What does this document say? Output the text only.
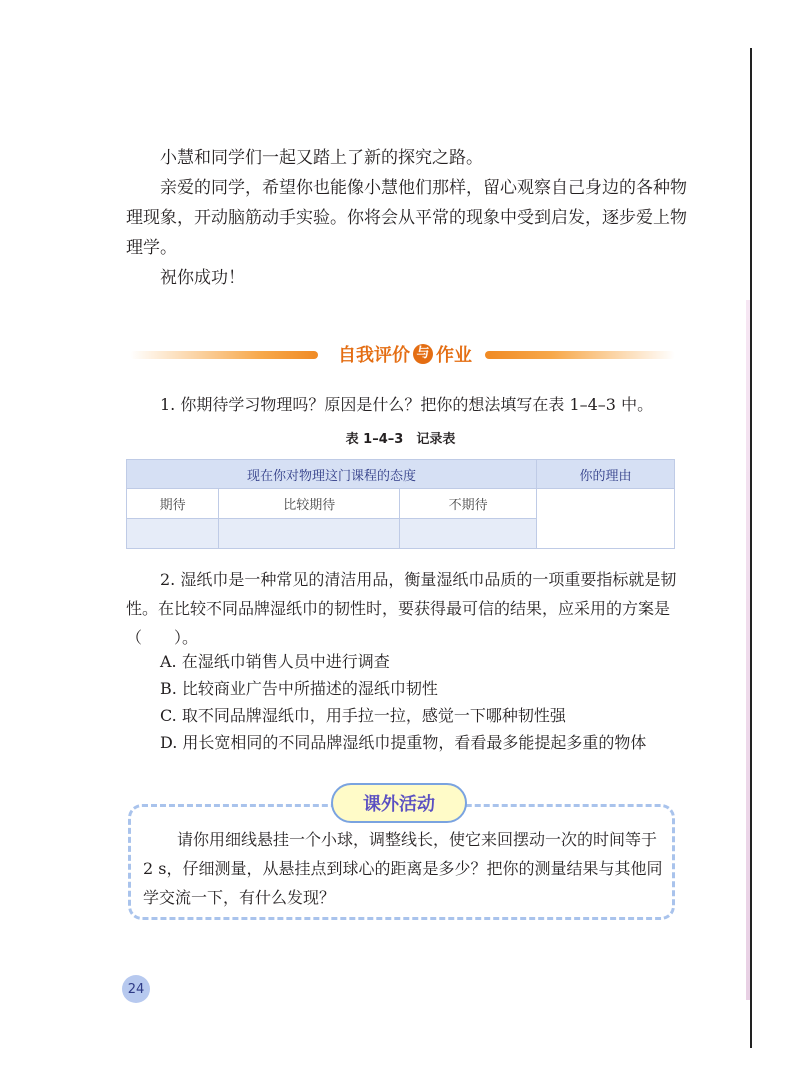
小慧和同学们一起又踏上了新的探究之路。

亲爱的同学，希望你也能像小慧他们那样，留心观察自己身边的各种物理现象，开动脑筋动手实验。你将会从平常的现象中受到启发，逐步爱上物理学。

祝你成功！

自我评价 与 作业

1. 你期待学习物理吗？原因是什么？把你的想法填写在表 1–4–3 中。

表 1–4–3　记录表
现在你对物理这门课程的态度			你的理由
期待	比较期待	不期待	

2. 湿纸巾是一种常见的清洁用品，衡量湿纸巾品质的一项重要指标就是韧性。在比较不同品牌湿纸巾的韧性时，要获得最可信的结果，应采用的方案是（　　）。

A. 在湿纸巾销售人员中进行调查
B. 比较商业广告中所描述的湿纸巾韧性
C. 取不同品牌湿纸巾，用手拉一拉，感觉一下哪种韧性强
D. 用长宽相同的不同品牌湿纸巾提重物，看看最多能提起多重的物体
课外活动

请你用细线悬挂一个小球，调整线长，使它来回摆动一次的时间等于 2 s，仔细测量，从悬挂点到球心的距离是多少？把你的测量结果与其他同学交流一下，有什么发现？

24
